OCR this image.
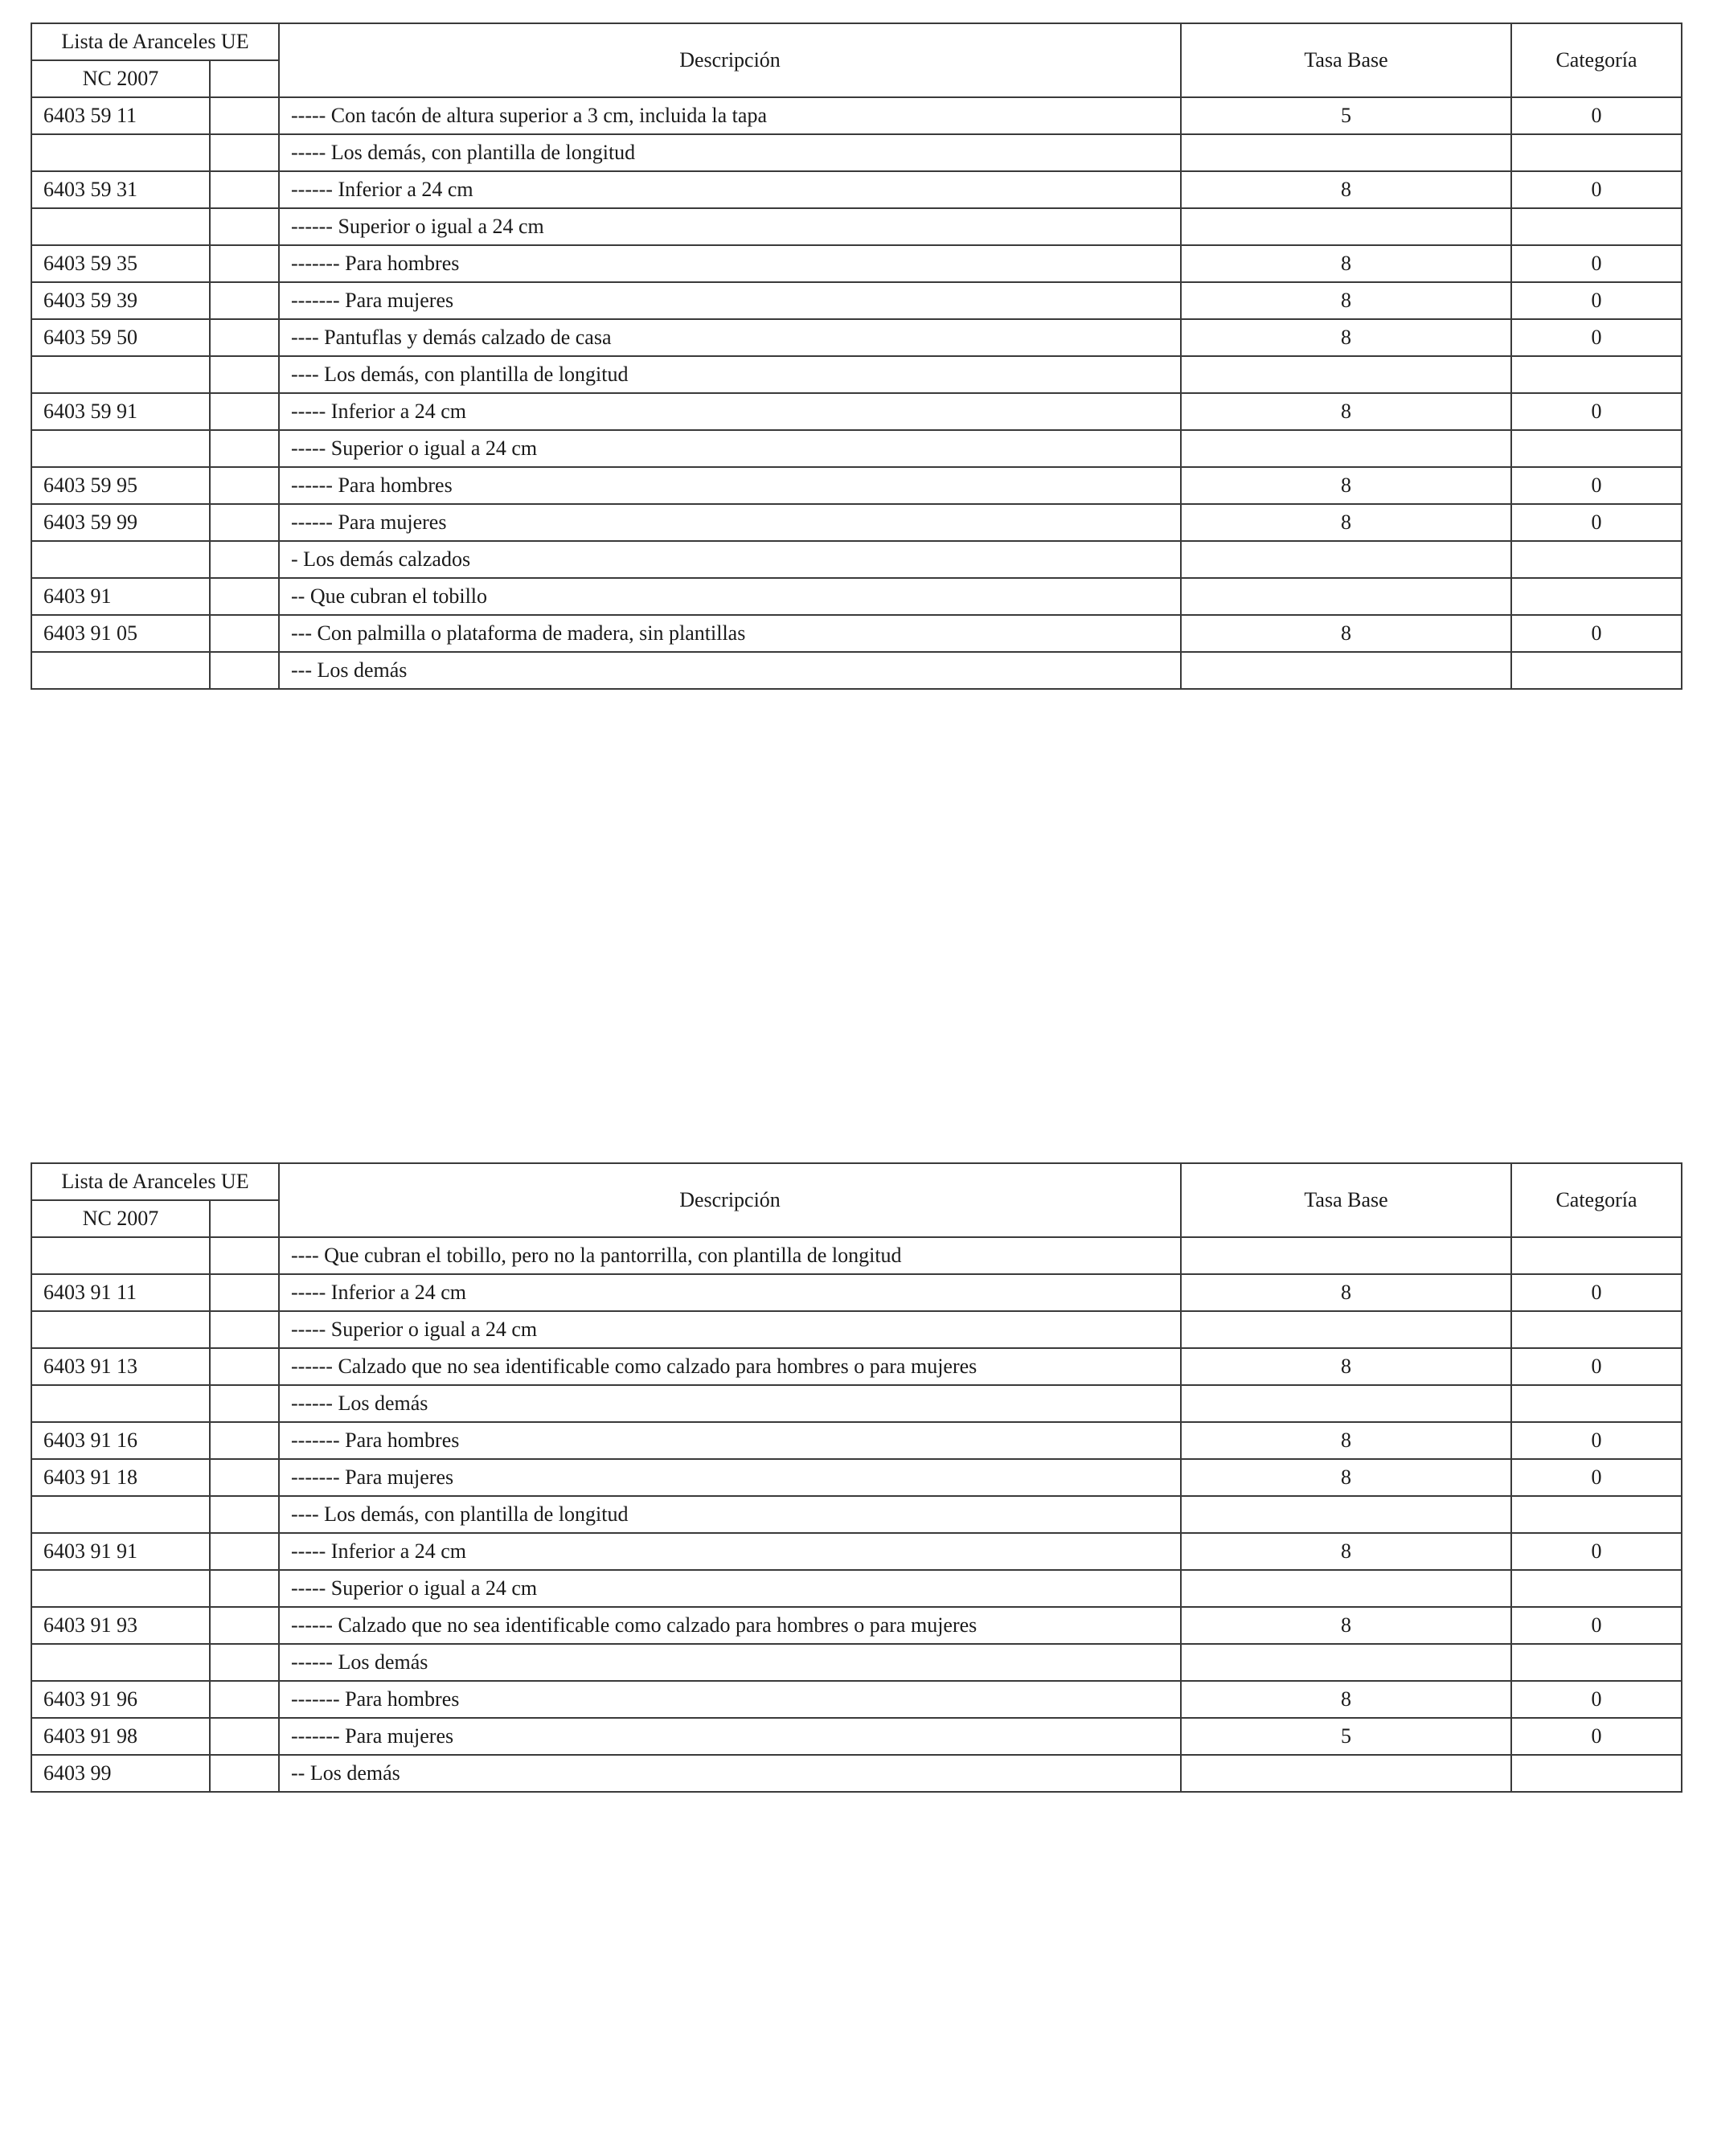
Lista de Aranceles UE		Descripción	Tasa Base	Categoría
NC 2007				
6403 59 11		----- Con tacón de altura superior a 3 cm, incluida la tapa	5	0
		----- Los demás, con plantilla de longitud		
6403 59 31		------ Inferior a 24 cm	8	0
		------ Superior o igual a 24 cm		
6403 59 35		------- Para hombres	8	0
6403 59 39		------- Para mujeres	8	0
6403 59 50		---- Pantuflas y demás calzado de casa	8	0
		---- Los demás, con plantilla de longitud		
6403 59 91		----- Inferior a 24 cm	8	0
		----- Superior o igual a 24 cm		
6403 59 95		------ Para hombres	8	0
6403 59 99		------ Para mujeres	8	0
		- Los demás calzados		
6403 91		-- Que cubran el tobillo		
6403 91 05		--- Con palmilla o plataforma de madera, sin plantillas	8	0
		--- Los demás		
Lista de Aranceles UE		Descripción	Tasa Base	Categoría
NC 2007				
		---- Que cubran el tobillo, pero no la pantorrilla, con plantilla de longitud		
6403 91 11		----- Inferior a 24 cm	8	0
		----- Superior o igual a 24 cm		
6403 91 13		------ Calzado que no sea identificable como calzado para hombres o para mujeres	8	0
		------ Los demás		
6403 91 16		------- Para hombres	8	0
6403 91 18		------- Para mujeres	8	0
		---- Los demás, con plantilla de longitud		
6403 91 91		----- Inferior a 24 cm	8	0
		----- Superior o igual a 24 cm		
6403 91 93		------ Calzado que no sea identificable como calzado para hombres o para mujeres	8	0
		------ Los demás		
6403 91 96		------- Para hombres	8	0
6403 91 98		------- Para mujeres	5	0
6403 99		-- Los demás		
